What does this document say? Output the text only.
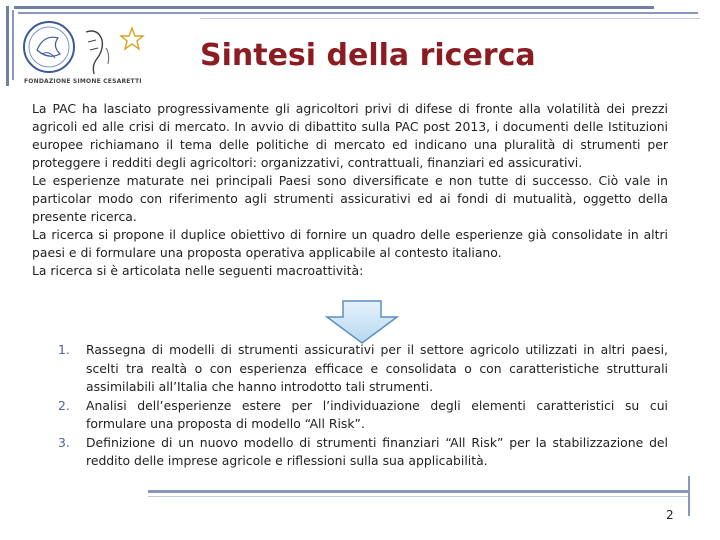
FONDAZIONE SIMONE CESARETTI
Sintesi della ricerca

La PAC ha lasciato progressivamente gli agricoltori privi di difese di fronte alla volatilità dei prezzi agricoli ed alle crisi di mercato. In avvio di dibattito sulla PAC post 2013, i documenti delle Istituzioni europee richiamano il tema delle politiche di mercato ed indicano una pluralità di strumenti per proteggere i redditi degli agricoltori: organizzativi, contrattuali, finanziari ed assicurativi.

Le esperienze maturate nei principali Paesi sono diversificate e non tutte di successo. Ciò vale in particolar modo con riferimento agli strumenti assicurativi ed ai fondi di mutualità, oggetto della presente ricerca.

La ricerca si propone il duplice obiettivo di fornire un quadro delle esperienze già consolidate in altri paesi e di formulare una proposta operativa applicabile al contesto italiano.

La ricerca si è articolata nelle seguenti macroattività:

1. Rassegna di modelli di strumenti assicurativi per il settore agricolo utilizzati in altri paesi, scelti tra realtà o con esperienza efficace e consolidata o con caratteristiche strutturali assimilabili all’Italia che hanno introdotto tali strumenti.
2. Analisi dell’esperienze estere per l’individuazione degli elementi caratteristici su cui formulare una proposta di modello “All Risk”.
3. Definizione di un nuovo modello di strumenti finanziari “All Risk” per la stabilizzazione del reddito delle imprese agricole e riflessioni sulla sua applicabilità.
2
